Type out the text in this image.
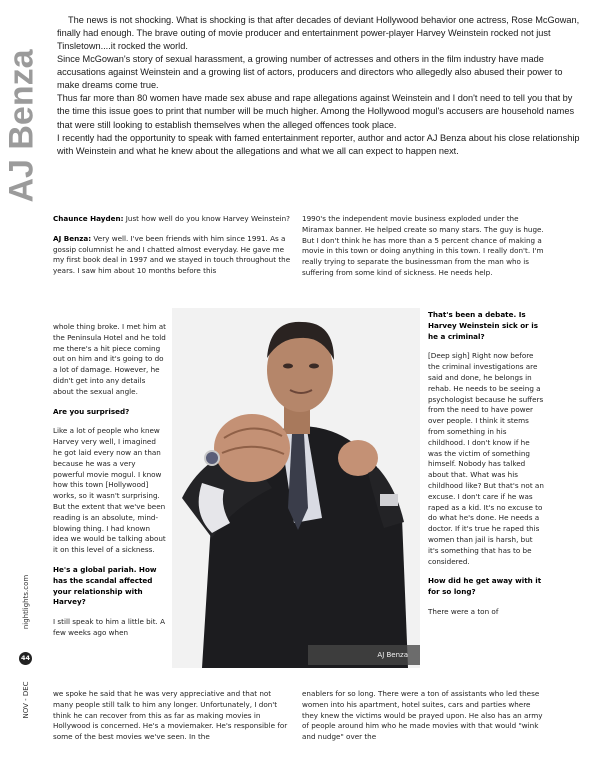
AJ Benza

The news is not shocking. What is shocking is that after decades of deviant Hollywood behavior one actress, Rose McGowan, finally had enough. The brave outing of movie producer and entertainment power-player Harvey Weinstein rocked not just Tinsletown....it rocked the world.

Since McGowan's story of sexual harassment, a growing number of actresses and others in the film industry have made accusations against Weinstein and a growing list of actors, producers and directors who allegedly also abused their power to make dreams come true.

Thus far more than 80 women have made sex abuse and rape allegations against Weinstein and I don't need to tell you that by the time this issue goes to print that number will be much higher. Among the Hollywood mogul's accusers are household names that were still looking to establish themselves when the alleged offences took place.

I recently had the opportunity to speak with famed entertainment reporter, author and actor AJ Benza about his close relationship with Weinstein and what he knew about the allegations and what we all can expect to happen next.

Chaunce Hayden: Just how well do you know Harvey Weinstein?

AJ Benza: Very well. I've been friends with him since 1991. As a gossip columnist he and I chatted almost everyday. He gave me my first book deal in 1997 and we stayed in touch throughout the years. I saw him about 10 months before this

whole thing broke. I met him at the Peninsula Hotel and he told me there's a hit piece coming out on him and it's going to do a lot of damage. However, he didn't get into any details about the sexual angle.

Are you surprised?

Like a lot of people who knew Harvey very well, I imagined he got laid every now an than because he was a very powerful movie mogul. I know how this town [Hollywood] works, so it wasn't surprising. But the extent that we've been reading is an absolute, mind-blowing thing. I had known idea we would be talking about it on this level of a sickness.

He's a global pariah. How has the scandal affected your relationship with Harvey?

I still speak to him a little bit. A few weeks ago when

we spoke he said that he was very appreciative and that not many people still talk to him any longer. Unfortunately, I don't think he can recover from this as far as making movies in Hollywood is concerned. He's a moviemaker. He's responsible for some of the best movies we've seen. In the

1990's the independent movie business exploded under the Miramax banner. He helped create so many stars. The guy is huge. But I don't think he has more than a 5 percent chance of making a movie in this town or doing anything in this town. I really don't. I'm really trying to separate the businessman from the man who is suffering from some kind of sickness. He needs help.

That's been a debate. Is Harvey Weinstein sick or is he a criminal?

[Deep sigh] Right now before the criminal investigations are said and done, he belongs in rehab. He needs to be seeing a psychologist because he suffers from the need to have power over people. I think it stems from something in his childhood. I don't know if he was the victim of something himself. Nobody has talked about that. What was his childhood like? But that's not an excuse. I don't care if he was raped as a kid. It's no excuse to do what he's done. He needs a doctor. If it's true he raped this women than jail is harsh, but it's something that has to be considered.

How did he get away with it for so long?

There were a ton of

enablers for so long. There were a ton of assistants who led these women into his apartment, hotel suites, cars and parties where they knew the victims would be prayed upon. He also has an army of people around him who he made movies with that would "wink and nudge" over the

AJ Benza
nightlights.com
44
NOV - DEC
